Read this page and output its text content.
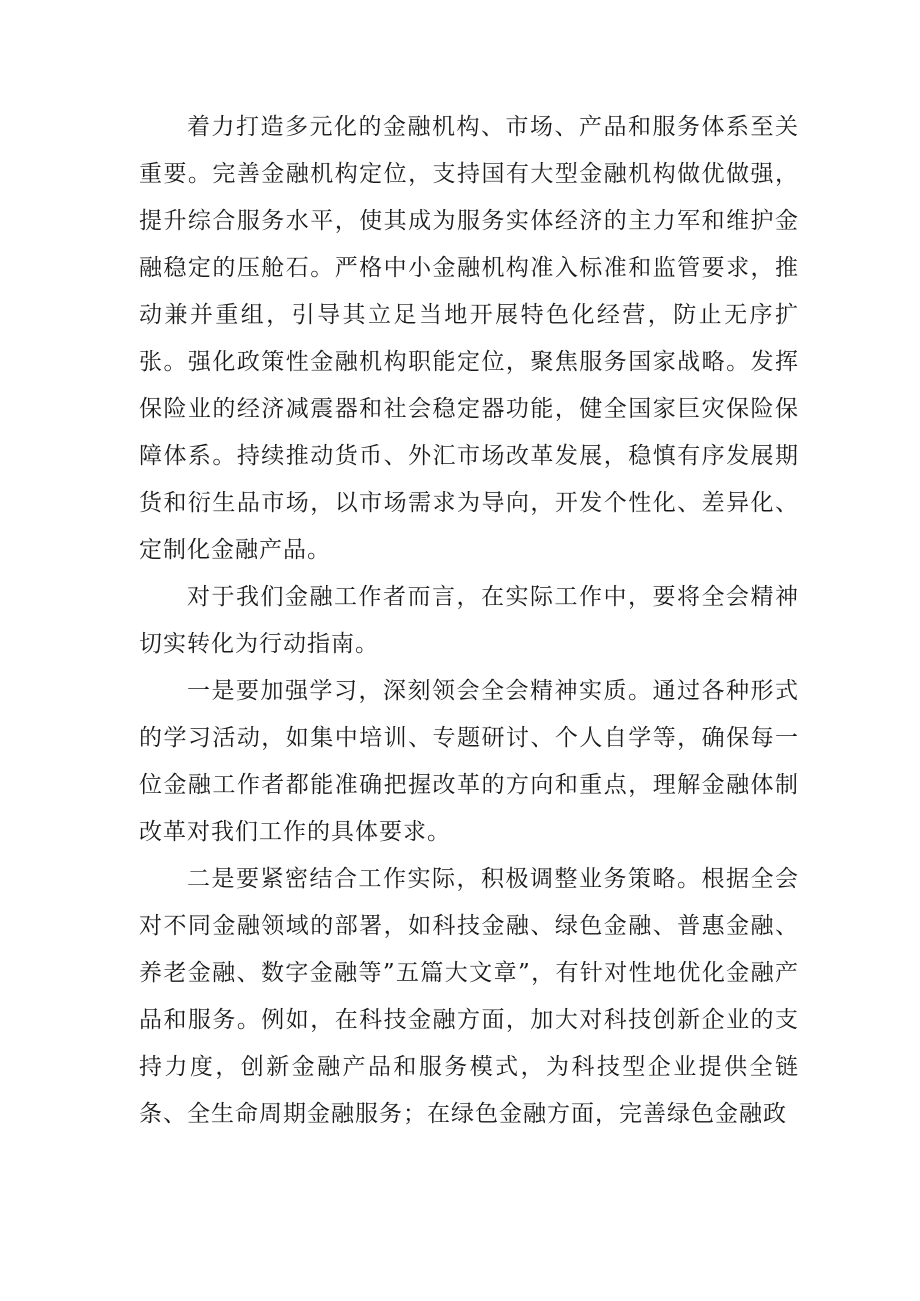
着力打造多元化的金融机构、市场、产品和服务体系至关重要。完善金融机构定位，支持国有大型金融机构做优做强，提升综合服务水平，使其成为服务实体经济的主力军和维护金融稳定的压舱石。严格中小金融机构准入标准和监管要求，推动兼并重组，引导其立足当地开展特色化经营，防止无序扩张。强化政策性金融机构职能定位，聚焦服务国家战略。发挥保险业的经济减震器和社会稳定器功能，健全国家巨灾保险保障体系。持续推动货币、外汇市场改革发展，稳慎有序发展期货和衍生品市场，以市场需求为导向，开发个性化、差异化、定制化金融产品。

对于我们金融工作者而言，在实际工作中，要将全会精神切实转化为行动指南。

一是要加强学习，深刻领会全会精神实质。通过各种形式的学习活动，如集中培训、专题研讨、个人自学等，确保每一位金融工作者都能准确把握改革的方向和重点，理解金融体制改革对我们工作的具体要求。

二是要紧密结合工作实际，积极调整业务策略。根据全会对不同金融领域的部署，如科技金融、绿色金融、普惠金融、养老金融、数字金融等”五篇大文章”，有针对性地优化金融产品和服务。例如，在科技金融方面，加大对科技创新企业的支持力度，创新金融产品和服务模式，为科技型企业提供全链条、全生命周期金融服务；在绿色金融方面，完善绿色金融政
